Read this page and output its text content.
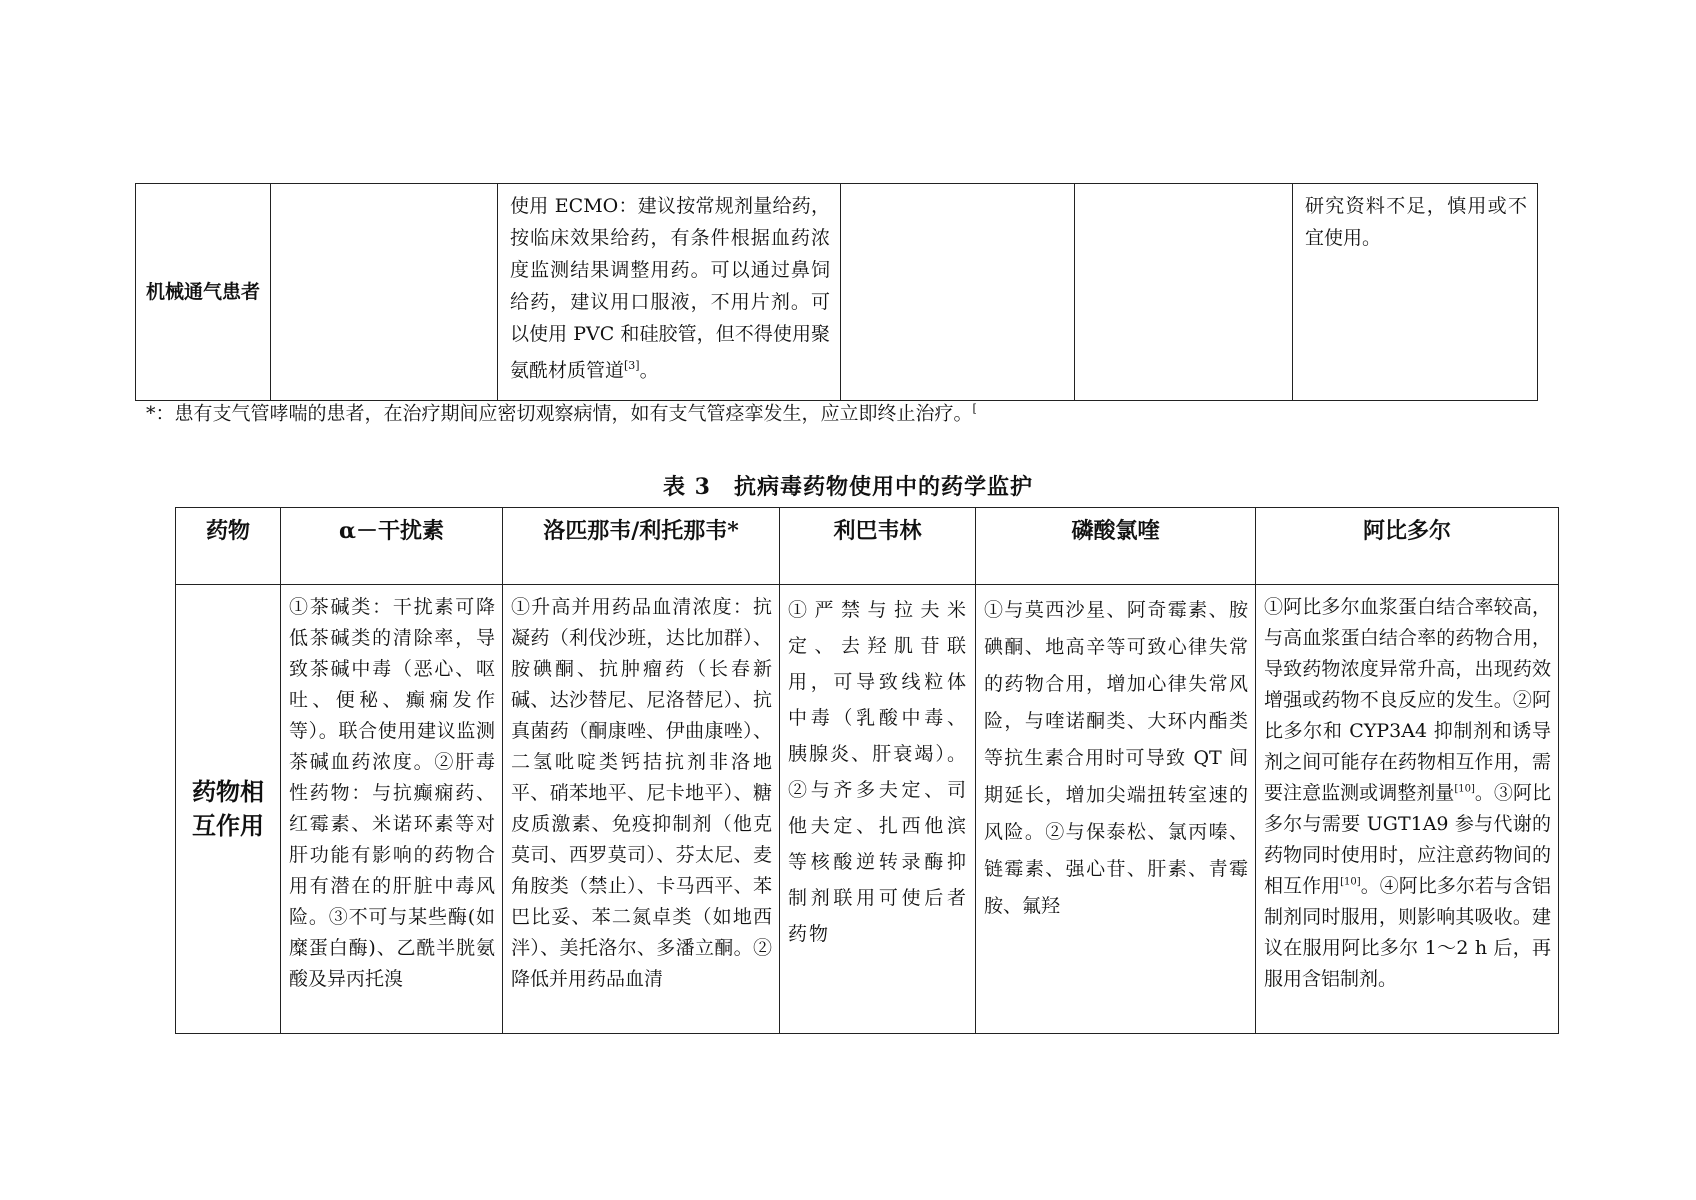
机械通气患者		使用 ECMO：建议按常规剂量给药，按临床效果给药，有条件根据血药浓度监测结果调整用药。可以通过鼻饲给药，建议用口服液，不用片剂。可以使用 PVC 和硅胶管，但不得使用聚氨酰材质管道[3]。			研究资料不足，慎用或不宜使用。
*：患有支气管哮喘的患者，在治疗期间应密切观察病情，如有支气管痉挛发生，应立即终止治疗。[
表 3　抗病毒药物使用中的药学监护
药物	α－干扰素	洛匹那韦/利托那韦*	利巴韦林	磷酸氯喹	阿比多尔

药物相互作用	①茶碱类：干扰素可降低茶碱类的清除率，导致茶碱中毒（恶心、呕吐、便秘、癫痫发作等）。联合使用建议监测茶碱血药浓度。②肝毒性药物：与抗癫痫药、红霉素、米诺环素等对肝功能有影响的药物合用有潜在的肝脏中毒风险。③不可与某些酶(如糜蛋白酶)、乙酰半胱氨酸及异丙托溴	①升高并用药品血清浓度：抗凝药（利伐沙班，达比加群）、胺碘酮、抗肿瘤药（长春新碱、达沙替尼、尼洛替尼）、抗真菌药（酮康唑、伊曲康唑）、二氢吡啶类钙拮抗剂非洛地平、硝苯地平、尼卡地平）、糖皮质激素、免疫抑制剂（他克莫司、西罗莫司）、芬太尼、麦角胺类（禁止）、卡马西平、苯巴比妥、苯二氮卓类（如地西泮）、美托洛尔、多潘立酮。②降低并用药品血清	①严禁与拉夫米定、去羟肌苷联用，可导致线粒体中毒（乳酸中毒、胰腺炎、肝衰竭）。②与齐多夫定、司他夫定、扎西他滨等核酸逆转录酶抑制剂联用可使后者药物	①与莫西沙星、阿奇霉素、胺碘酮、地高辛等可致心律失常的药物合用，增加心律失常风险，与喹诺酮类、大环内酯类等抗生素合用时可导致 QT 间期延长，增加尖端扭转室速的风险。②与保泰松、氯丙嗪、链霉素、强心苷、肝素、青霉胺、氟羟	①阿比多尔血浆蛋白结合率较高，与高血浆蛋白结合率的药物合用，导致药物浓度异常升高，出现药效增强或药物不良反应的发生。②阿比多尔和 CYP3A4 抑制剂和诱导剂之间可能存在药物相互作用，需要注意监测或调整剂量[10]。③阿比多尔与需要 UGT1A9 参与代谢的药物同时使用时，应注意药物间的相互作用[10]。④阿比多尔若与含铝制剂同时服用，则影响其吸收。建议在服用阿比多尔 1～2 h 后，再服用含铝制剂。
